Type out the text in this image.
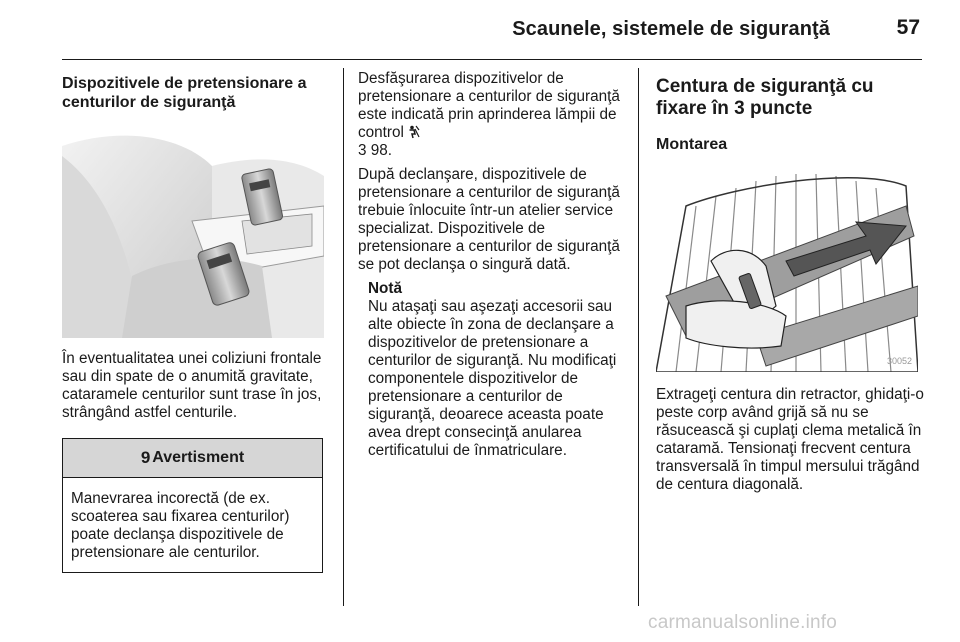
Scaunele, sistemele de siguranţă	57
Dispozitivele de pretensionare a centurilor de siguranţă

În eventualitatea unei coliziuni frontale sau din spate de o anumită gravitate, cataramele centurilor sunt trase în jos, strângând astfel centurile.

9 Avertisment
Manevrarea incorectă (de ex. scoaterea sau fixarea centurilor) poate declanşa dispozitivele de pretensionare ale centurilor.

Desfăşurarea dispozitivelor de pretensionare a centurilor de siguranţă este indicată prin aprinderea lămpii de control
3 98.

După declanşare, dispozitivele de pretensionare a centurilor de siguranţă trebuie înlocuite într-un atelier service specializat. Dispozitivele de pretensionare a centurilor de siguranţă se pot declanşa o singură dată.

Notă
Nu ataşaţi sau aşezaţi accesorii sau alte obiecte în zona de declanşare a dispozitivelor de pretensionare a centurilor de siguranţă. Nu modificaţi componentele dispozitivelor de pretensionare a centurilor de siguranţă, deoarece aceasta poate avea drept consecinţă anularea certificatului de înmatriculare.
Centura de siguranţă cu fixare în 3 puncte
Montarea
30052

Extrageţi centura din retractor, ghidaţi-o peste corp având grijă să nu se răsucească şi cuplaţi clema metalică în cataramă. Tensionaţi frecvent centura transversală în timpul mersului trăgând de centura diagonală.

carmanualsonline.info
